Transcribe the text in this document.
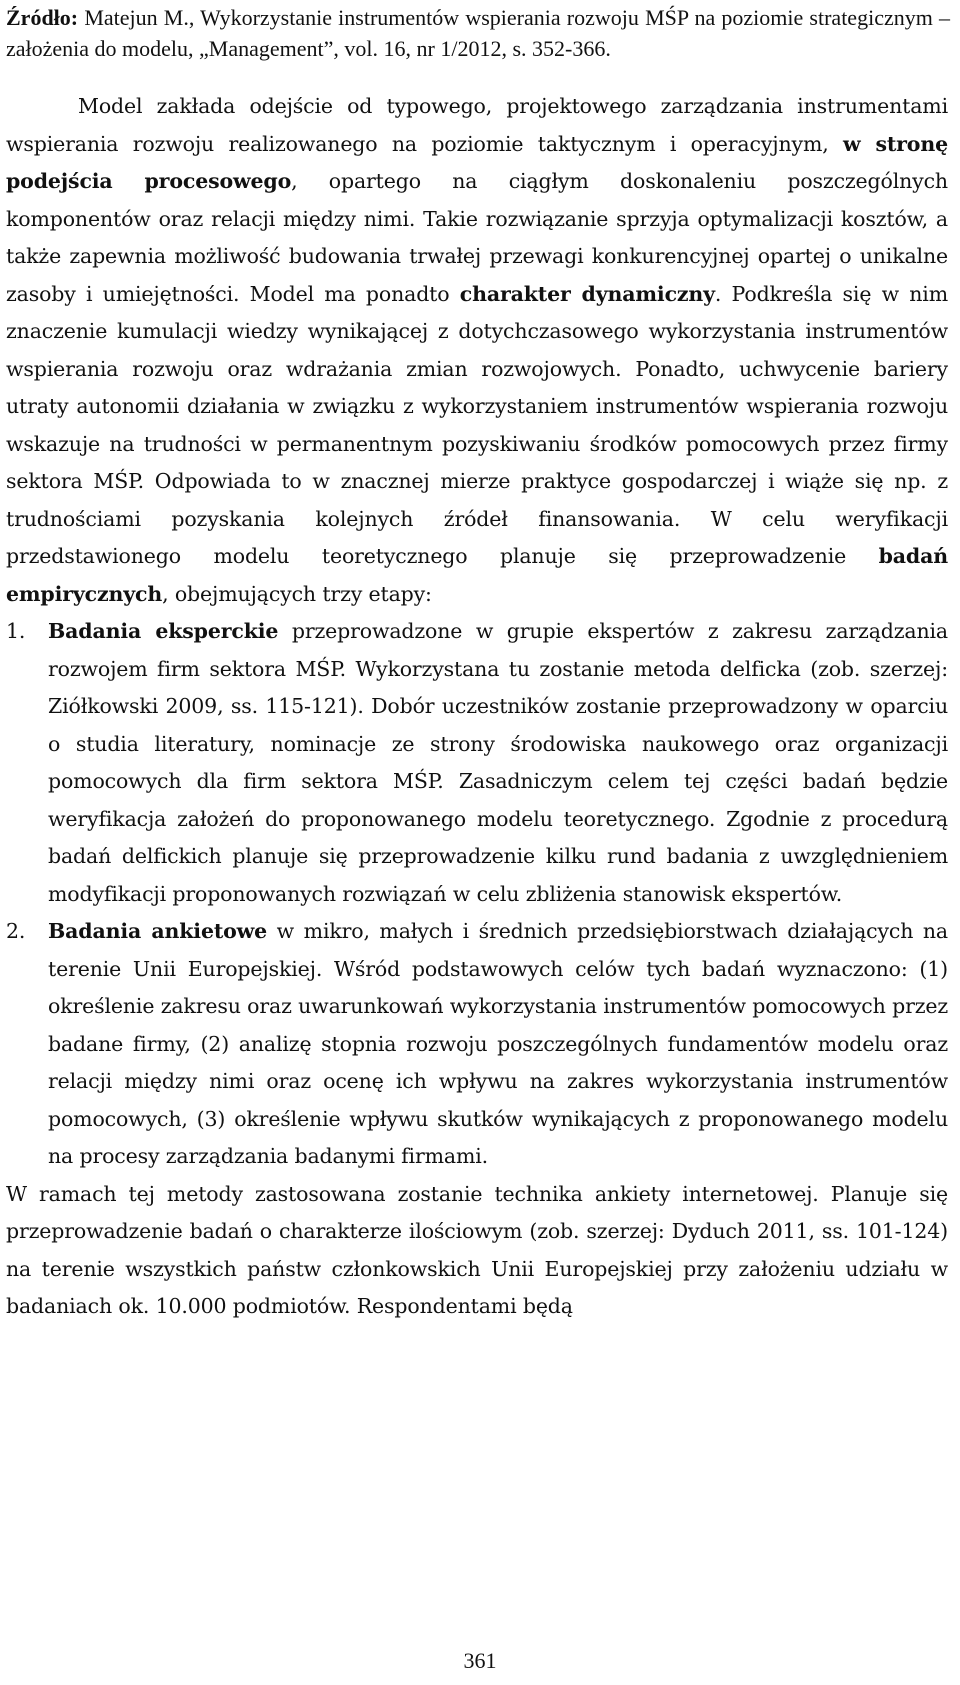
Źródło: Matejun M., Wykorzystanie instrumentów wspierania rozwoju MŚP na poziomie strategicznym – założenia do modelu, „Management”, vol. 16, nr 1/2012, s. 352-366.

Model zakłada odejście od typowego, projektowego zarządzania instrumentami wspierania rozwoju realizowanego na poziomie taktycznym i operacyjnym, w stronę podejścia procesowego, opartego na ciągłym doskonaleniu poszczególnych komponentów oraz relacji między nimi. Takie rozwiązanie sprzyja optymalizacji kosztów, a także zapewnia możliwość budowania trwałej przewagi konkurencyjnej opartej o unikalne zasoby i umiejętności. Model ma ponadto charakter dynamiczny. Podkreśla się w nim znaczenie kumulacji wiedzy wynikającej z dotychczasowego wykorzystania instrumentów wspierania rozwoju oraz wdrażania zmian rozwojowych. Ponadto, uchwycenie bariery utraty autonomii działania w związku z wykorzystaniem instrumentów wspierania rozwoju wskazuje na trudności w permanentnym pozyskiwaniu środków pomocowych przez firmy sektora MŚP. Odpowiada to w znacznej mierze praktyce gospodarczej i wiąże się np. z trudnościami pozyskania kolejnych źródeł finansowania. W celu weryfikacji przedstawionego modelu teoretycznego planuje się przeprowadzenie badań empirycznych, obejmujących trzy etapy:

1. Badania eksperckie przeprowadzone w grupie ekspertów z zakresu zarządzania rozwojem firm sektora MŚP. Wykorzystana tu zostanie metoda delficka (zob. szerzej: Ziółkowski 2009, ss. 115-121). Dobór uczestników zostanie przeprowadzony w oparciu o studia literatury, nominacje ze strony środowiska naukowego oraz organizacji pomocowych dla firm sektora MŚP. Zasadniczym celem tej części badań będzie weryfikacja założeń do proponowanego modelu teoretycznego. Zgodnie z procedurą badań delfickich planuje się przeprowadzenie kilku rund badania z uwzględnieniem modyfikacji proponowanych rozwiązań w celu zbliżenia stanowisk ekspertów.
2. Badania ankietowe w mikro, małych i średnich przedsiębiorstwach działających na terenie Unii Europejskiej. Wśród podstawowych celów tych badań wyznaczono: (1) określenie zakresu oraz uwarunkowań wykorzystania instrumentów pomocowych przez badane firmy, (2) analizę stopnia rozwoju poszczególnych fundamentów modelu oraz relacji między nimi oraz ocenę ich wpływu na zakres wykorzystania instrumentów pomocowych, (3) określenie wpływu skutków wynikających z proponowanego modelu na procesy zarządzania badanymi firmami.

W ramach tej metody zastosowana zostanie technika ankiety internetowej. Planuje się przeprowadzenie badań o charakterze ilościowym (zob. szerzej: Dyduch 2011, ss. 101-124) na terenie wszystkich państw członkowskich Unii Europejskiej przy założeniu udziału w badaniach ok. 10.000 podmiotów. Respondentami będą

361
